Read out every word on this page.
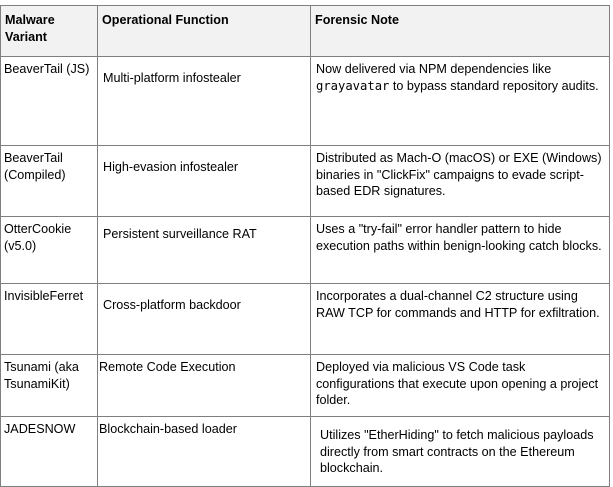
Malware Variant	Operational Function	Forensic Note
BeaverTail (JS)	Multi-platform infostealer	Now delivered via NPM dependencies like grayavatar to bypass standard repository audits.
BeaverTail (Compiled)	High-evasion infostealer	Distributed as Mach-O (macOS) or EXE (Windows) binaries in "ClickFix" campaigns to evade script-based EDR signatures.
OtterCookie (v5.0)	Persistent surveillance RAT	Uses a "try-fail" error handler pattern to hide execution paths within benign-looking catch blocks.
InvisibleFerret	Cross-platform backdoor	Incorporates a dual-channel C2 structure using RAW TCP for commands and HTTP for exfiltration.
Tsunami (aka TsunamiKit)	Remote Code Execution	Deployed via malicious VS Code task configurations that execute upon opening a project folder.
JADESNOW	Blockchain-based loader	Utilizes "EtherHiding" to fetch malicious payloads directly from smart contracts on the Ethereum blockchain.
